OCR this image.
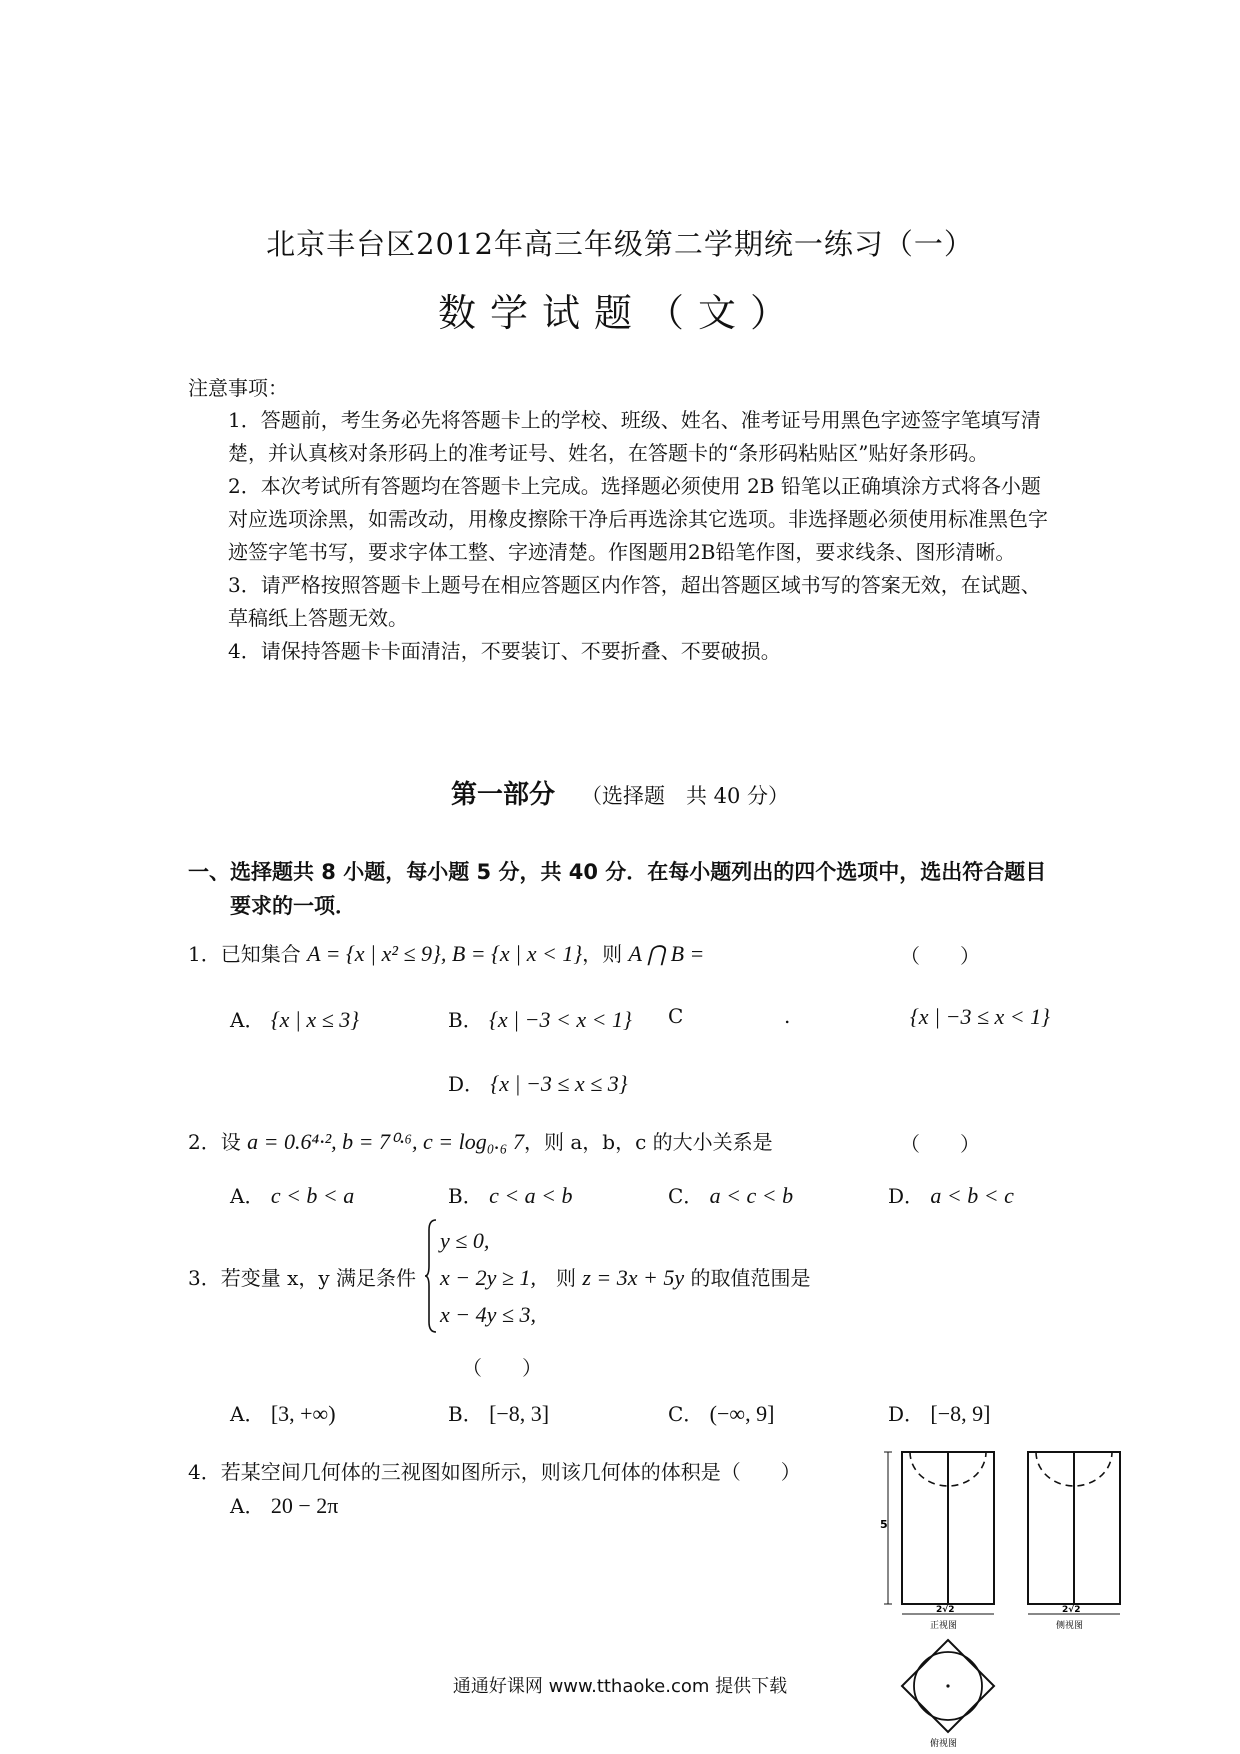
北京丰台区2012年高三年级第二学期统一练习（一）
数学试题（文）
注意事项：

1．答题前，考生务必先将答题卡上的学校、班级、姓名、准考证号用黑色字迹签字笔填写清楚，并认真核对条形码上的准考证号、姓名，在答题卡的“条形码粘贴区”贴好条形码。

2．本次考试所有答题均在答题卡上完成。选择题必须使用 2B 铅笔以正确填涂方式将各小题对应选项涂黑，如需改动，用橡皮擦除干净后再选涂其它选项。非选择题必须使用标准黑色字迹签字笔书写，要求字体工整、字迹清楚。作图题用2B铅笔作图，要求线条、图形清晰。

3．请严格按照答题卡上题号在相应答题区内作答，超出答题区域书写的答案无效，在试题、草稿纸上答题无效。

4．请保持答题卡卡面清洁，不要装订、不要折叠、不要破损。

第一部分 （选择题　共 40 分）
一、选择题共 8 小题，每小题 5 分，共 40 分．在每小题列出的四个选项中，选出符合题目
要求的一项．
1．已知集合 A = {x | x² ≤ 9}, B = {x | x < 1}，则 A ⋂ B =	（　　）
A． {x | x ≤ 3}	B． {x | −3 < x < 1} C	.	{x | −3 ≤ x < 1}
D． {x | −3 ≤ x ≤ 3}
2．设 a = 0.6⁴·², b = 7⁰·⁶, c = log₀.₆ 7，则 a，b，c 的大小关系是	（　　）
A． c < b < a	B． c < a < b	C． a < c < b	D． a < b < c
3．若变量 x，y 满足条件
y ≤ 0,
x − 2y ≥ 1,
x − 4y ≤ 3,
则 z = 3x + 5y 的取值范围是
（　　）
A． [3, +∞)	B． [−8, 3]	C． (−∞, 9]	D． [−8, 9]
4．若某空间几何体的三视图如图所示，则该几何体的体积是（　　）
A． 20 − 2π
5
2√2
正视图
2√2
侧视图
俯视图
通通好课网 www.tthaoke.com 提供下载
